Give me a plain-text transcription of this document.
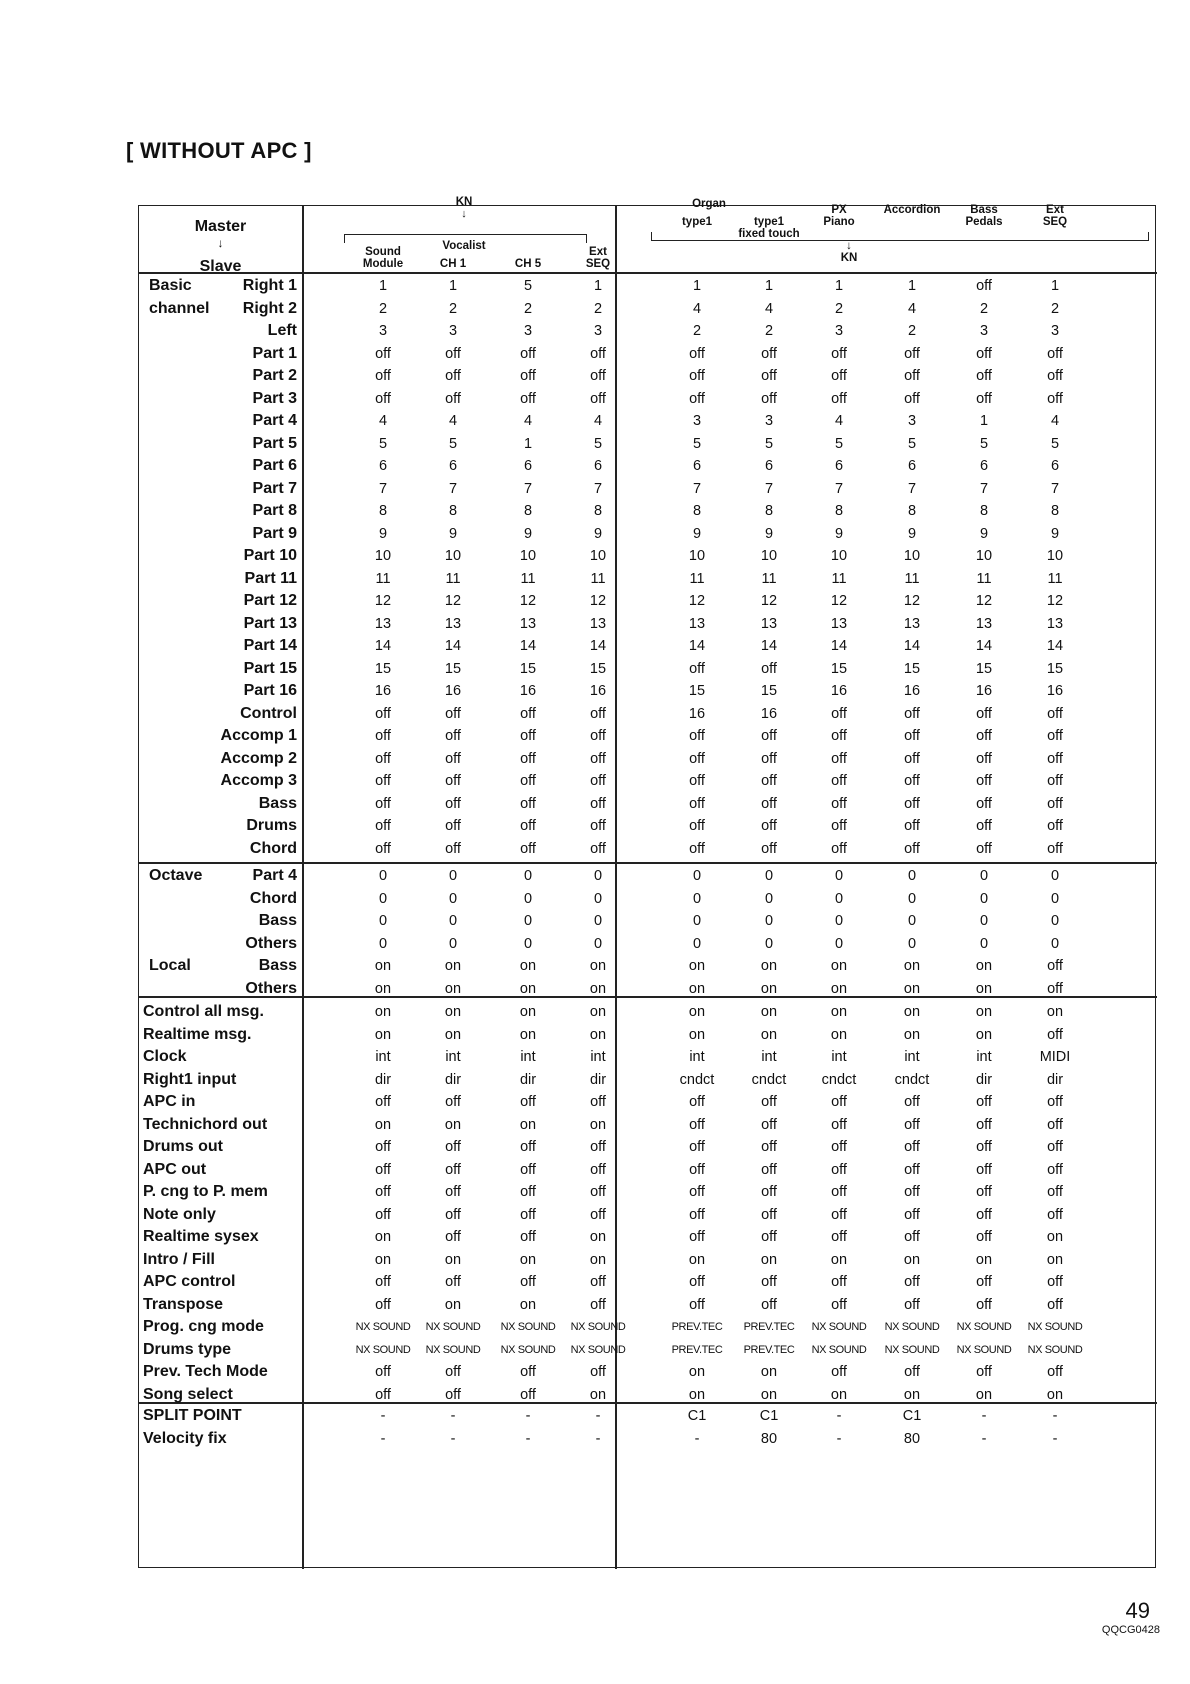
[ WITHOUT APC ]
Master
↓
Slave
KN
↓
Vocalist
Organ
↓
KN
Sound
Module	CH 1	CH 5
Ext
SEQ
type1	type1
fixed touch
PX
Piano
Accordion	Bass
Pedals
Ext
SEQ
Basic	Right 1	1	1	5	1	1	1	1	1	off	1
channel	Right 2	2	2	2	2	4	4	2	4	2	2
Left	3	3	3	3	2	2	3	2	3	3
Part 1	off	off	off	off	off	off	off	off	off	off
Part 2	off	off	off	off	off	off	off	off	off	off
Part 3	off	off	off	off	off	off	off	off	off	off
Part 4	4	4	4	4	3	3	4	3	1	4
Part 5	5	5	1	5	5	5	5	5	5	5
Part 6	6	6	6	6	6	6	6	6	6	6
Part 7	7	7	7	7	7	7	7	7	7	7
Part 8	8	8	8	8	8	8	8	8	8	8
Part 9	9	9	9	9	9	9	9	9	9	9
Part 10	10	10	10	10	10	10	10	10	10	10
Part 11	11	11	11	11	11	11	11	11	11	11
Part 12	12	12	12	12	12	12	12	12	12	12
Part 13	13	13	13	13	13	13	13	13	13	13
Part 14	14	14	14	14	14	14	14	14	14	14
Part 15	15	15	15	15	off	off	15	15	15	15
Part 16	16	16	16	16	15	15	16	16	16	16
Control	off	off	off	off	16	16	off	off	off	off
Accomp 1	off	off	off	off	off	off	off	off	off	off
Accomp 2	off	off	off	off	off	off	off	off	off	off
Accomp 3	off	off	off	off	off	off	off	off	off	off
Bass	off	off	off	off	off	off	off	off	off	off
Drums	off	off	off	off	off	off	off	off	off	off
Chord	off	off	off	off	off	off	off	off	off	off
Octave	Part 4	0	0	0	0	0	0	0	0	0	0
Chord	0	0	0	0	0	0	0	0	0	0
Bass	0	0	0	0	0	0	0	0	0	0
Others	0	0	0	0	0	0	0	0	0	0
Local	Bass	on	on	on	on	on	on	on	on	on	off
Others	on	on	on	on	on	on	on	on	on	off
Control all msg.	on	on	on	on	on	on	on	on	on	on
Realtime msg.	on	on	on	on	on	on	on	on	on	off
Clock	int	int	int	int	int	int	int	int	int	MIDI
Right1 input	dir	dir	dir	dir	cndct	cndct	cndct	cndct	dir	dir
APC in	off	off	off	off	off	off	off	off	off	off
Technichord out	on	on	on	on	off	off	off	off	off	off
Drums out	off	off	off	off	off	off	off	off	off	off
APC out	off	off	off	off	off	off	off	off	off	off
P. cng to P. mem	off	off	off	off	off	off	off	off	off	off
Note only	off	off	off	off	off	off	off	off	off	off
Realtime sysex	on	off	off	on	off	off	off	off	off	on
Intro / Fill	on	on	on	on	on	on	on	on	on	on
APC control	off	off	off	off	off	off	off	off	off	off
Transpose	off	on	on	off	off	off	off	off	off	off
Prog. cng mode	NX SOUND	NX SOUND	NX SOUND	NX SOUND	PREV.TEC	PREV.TEC	NX SOUND	NX SOUND	NX SOUND	NX SOUND
Drums type	NX SOUND	NX SOUND	NX SOUND	NX SOUND	PREV.TEC	PREV.TEC	NX SOUND	NX SOUND	NX SOUND	NX SOUND
Prev. Tech Mode	off	off	off	off	on	on	off	off	off	off
Song select	off	off	off	on	on	on	on	on	on	on
SPLIT POINT	-	-	-	-	C1	C1	-	C1	-	-
Velocity fix	-	-	-	-	-	80	-	80	-	-
49
QQCG0428
